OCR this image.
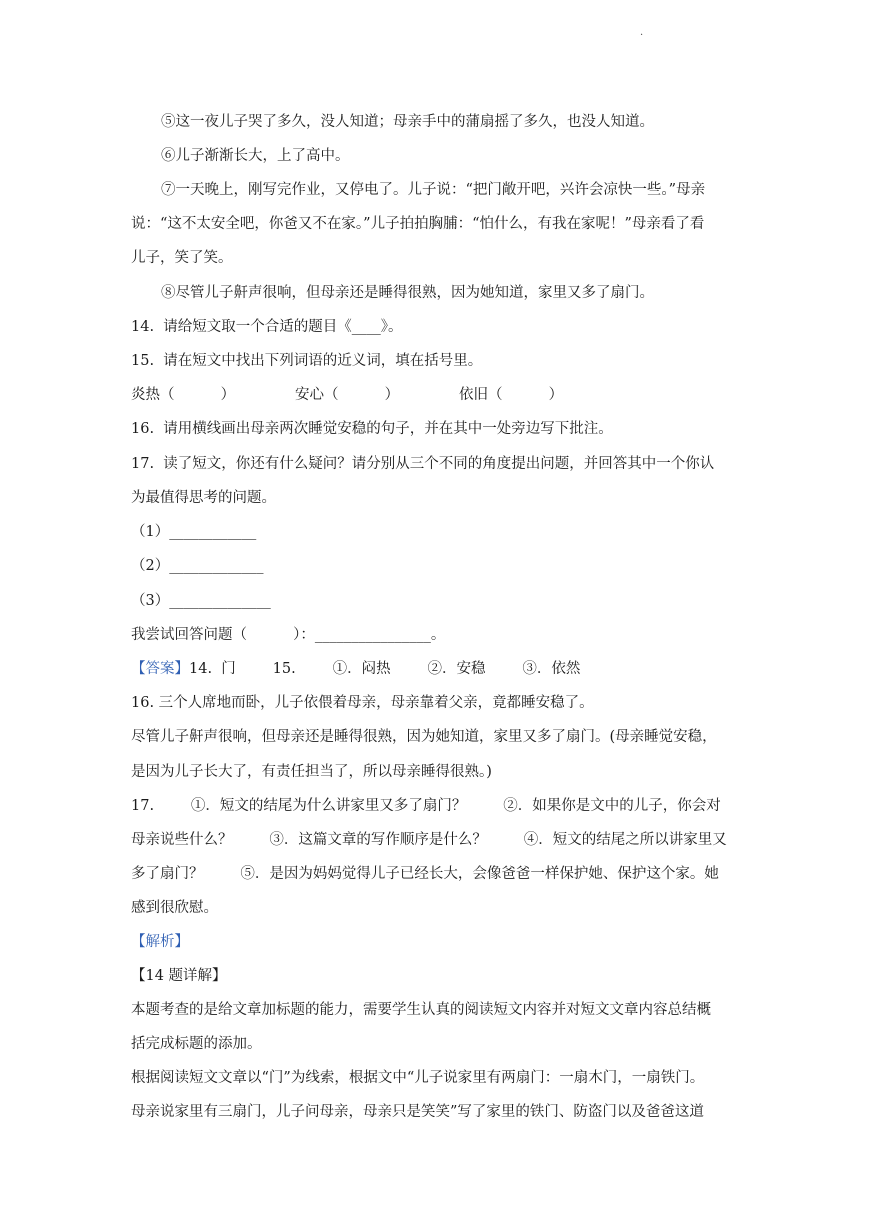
·
⑤这一夜儿子哭了多久，没人知道；母亲手中的蒲扇摇了多久，也没人知道。
⑥儿子渐渐长大，上了高中。
⑦一天晚上，刚写完作业，又停电了。儿子说：“把门敞开吧，兴许会凉快一些。”母亲
说：“这不太安全吧，你爸又不在家。”儿子拍拍胸脯：“怕什么，有我在家呢！”母亲看了看
儿子，笑了笑。
⑧尽管儿子鼾声很响，但母亲还是睡得很熟，因为她知道，家里又多了扇门。
14.  请给短文取一个合适的题目《____》。
15.  请在短文中找出下列词语的近义词，填在括号里。
炎热（          ）             安心（          ）             依旧（          ）
16.  请用横线画出母亲两次睡觉安稳的句子，并在其中一处旁边写下批注。
17.  读了短文，你还有什么疑问？请分别从三个不同的角度提出问题，并回答其中一个你认
为最值得思考的问题。
（1）____________
（2）_____________
（3）______________
我尝试回答问题（          ）：________________。
【答案】14.  门        15.        ①．闷热        ②．安稳        ③．依然
16. 三个人席地而卧，儿子依偎着母亲，母亲靠着父亲，竟都睡安稳了。
尽管儿子鼾声很响，但母亲还是睡得很熟，因为她知道，家里又多了扇门。(母亲睡觉安稳，
是因为儿子长大了，有责任担当了，所以母亲睡得很熟。)
17.        ①．短文的结尾为什么讲家里又多了扇门？        ②．如果你是文中的儿子，你会对
母亲说些什么？        ③．这篇文章的写作顺序是什么？        ④．短文的结尾之所以讲家里又
多了扇门？        ⑤．是因为妈妈觉得儿子已经长大，会像爸爸一样保护她、保护这个家。她
感到很欣慰。
【解析】
【14 题详解】
本题考查的是给文章加标题的能力，需要学生认真的阅读短文内容并对短文文章内容总结概
括完成标题的添加。
根据阅读短文文章以“门”为线索，根据文中“儿子说家里有两扇门：一扇木门，一扇铁门。
母亲说家里有三扇门，儿子问母亲，母亲只是笑笑”写了家里的铁门、防盗门以及爸爸这道
